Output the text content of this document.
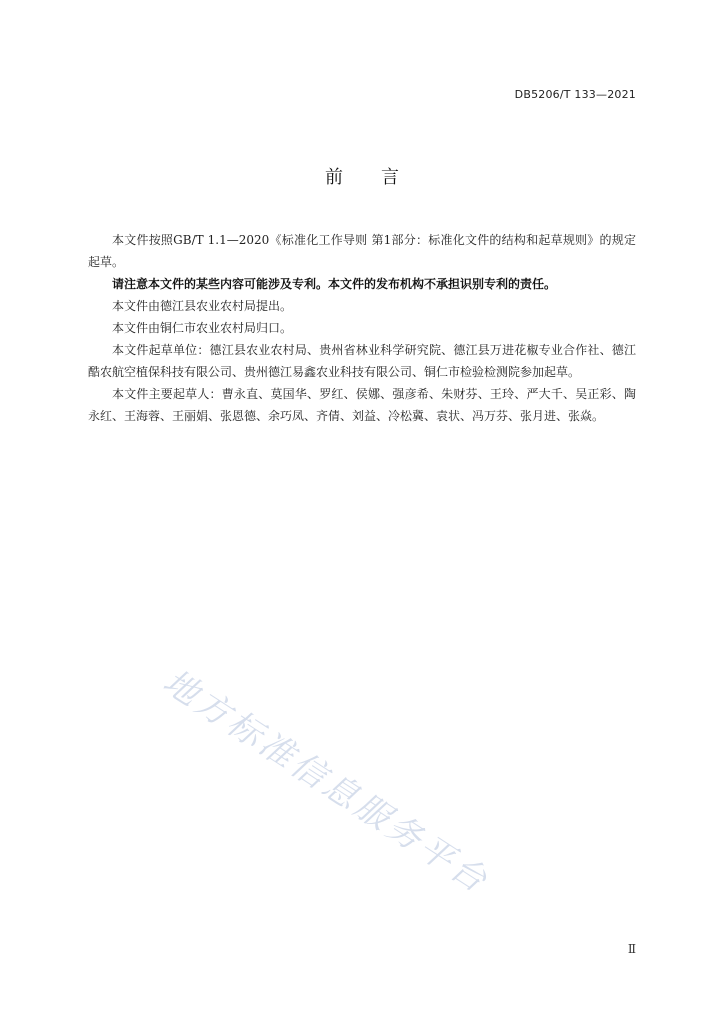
DB5206/T 133—2021
前言

本文件按照GB/T 1.1—2020《标准化工作导则 第1部分：标准化文件的结构和起草规则》的规定起草。

请注意本文件的某些内容可能涉及专利。本文件的发布机构不承担识别专利的责任。

本文件由德江县农业农村局提出。

本文件由铜仁市农业农村局归口。

本文件起草单位：德江县农业农村局、贵州省林业科学研究院、德江县万进花椒专业合作社、德江酷农航空植保科技有限公司、贵州德江易鑫农业科技有限公司、铜仁市检验检测院参加起草。

本文件主要起草人：曹永直、莫国华、罗红、侯娜、强彦希、朱财芬、王玲、严大千、吴正彩、陶永红、王海蓉、王丽娟、张恩德、余巧凤、齐倩、刘益、冷松冀、袁状、冯万芬、张月进、张焱。

地方标准信息服务平台
Ⅱ
